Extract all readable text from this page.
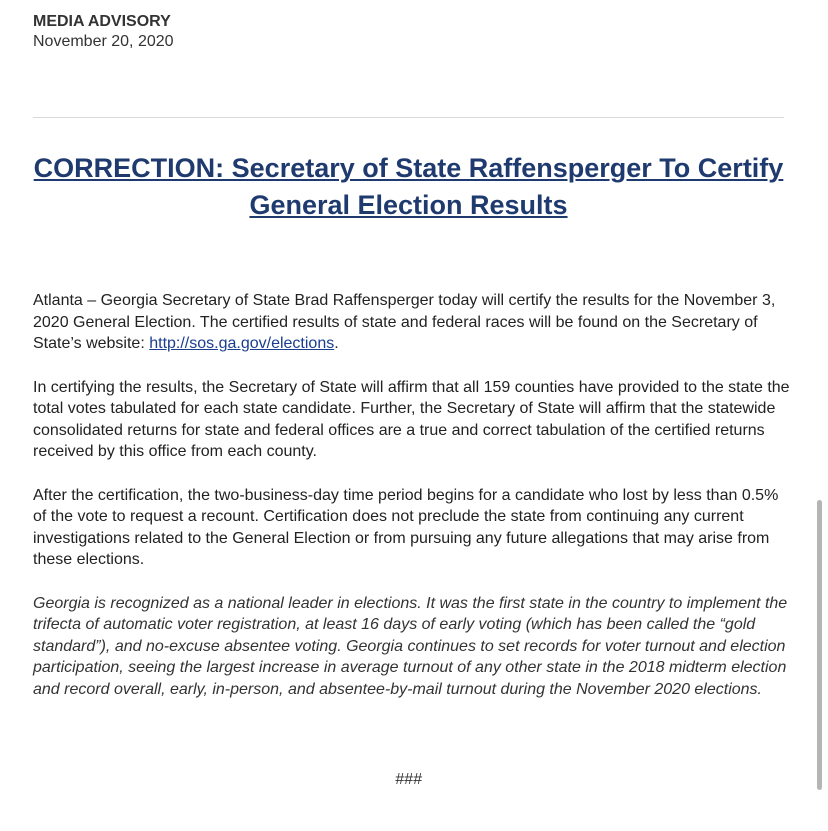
MEDIA ADVISORY
November 20, 2020
CORRECTION: Secretary of State Raffensperger To Certify General Election Results

Atlanta – Georgia Secretary of State Brad Raffensperger today will certify the results for the November 3, 2020 General Election. The certified results of state and federal races will be found on the Secretary of State’s website: http://sos.ga.gov/elections.

In certifying the results, the Secretary of State will affirm that all 159 counties have provided to the state the total votes tabulated for each state candidate. Further, the Secretary of State will affirm that the statewide consolidated returns for state and federal offices are a true and correct tabulation of the certified returns received by this office from each county.

After the certification, the two-business-day time period begins for a candidate who lost by less than 0.5% of the vote to request a recount. Certification does not preclude the state from continuing any current investigations related to the General Election or from pursuing any future allegations that may arise from these elections.

Georgia is recognized as a national leader in elections. It was the first state in the country to implement the trifecta of automatic voter registration, at least 16 days of early voting (which has been called the “gold standard”), and no-excuse absentee voting. Georgia continues to set records for voter turnout and election participation, seeing the largest increase in average turnout of any other state in the 2018 midterm election and record overall, early, in-person, and absentee-by-mail turnout during the November 2020 elections.

###
